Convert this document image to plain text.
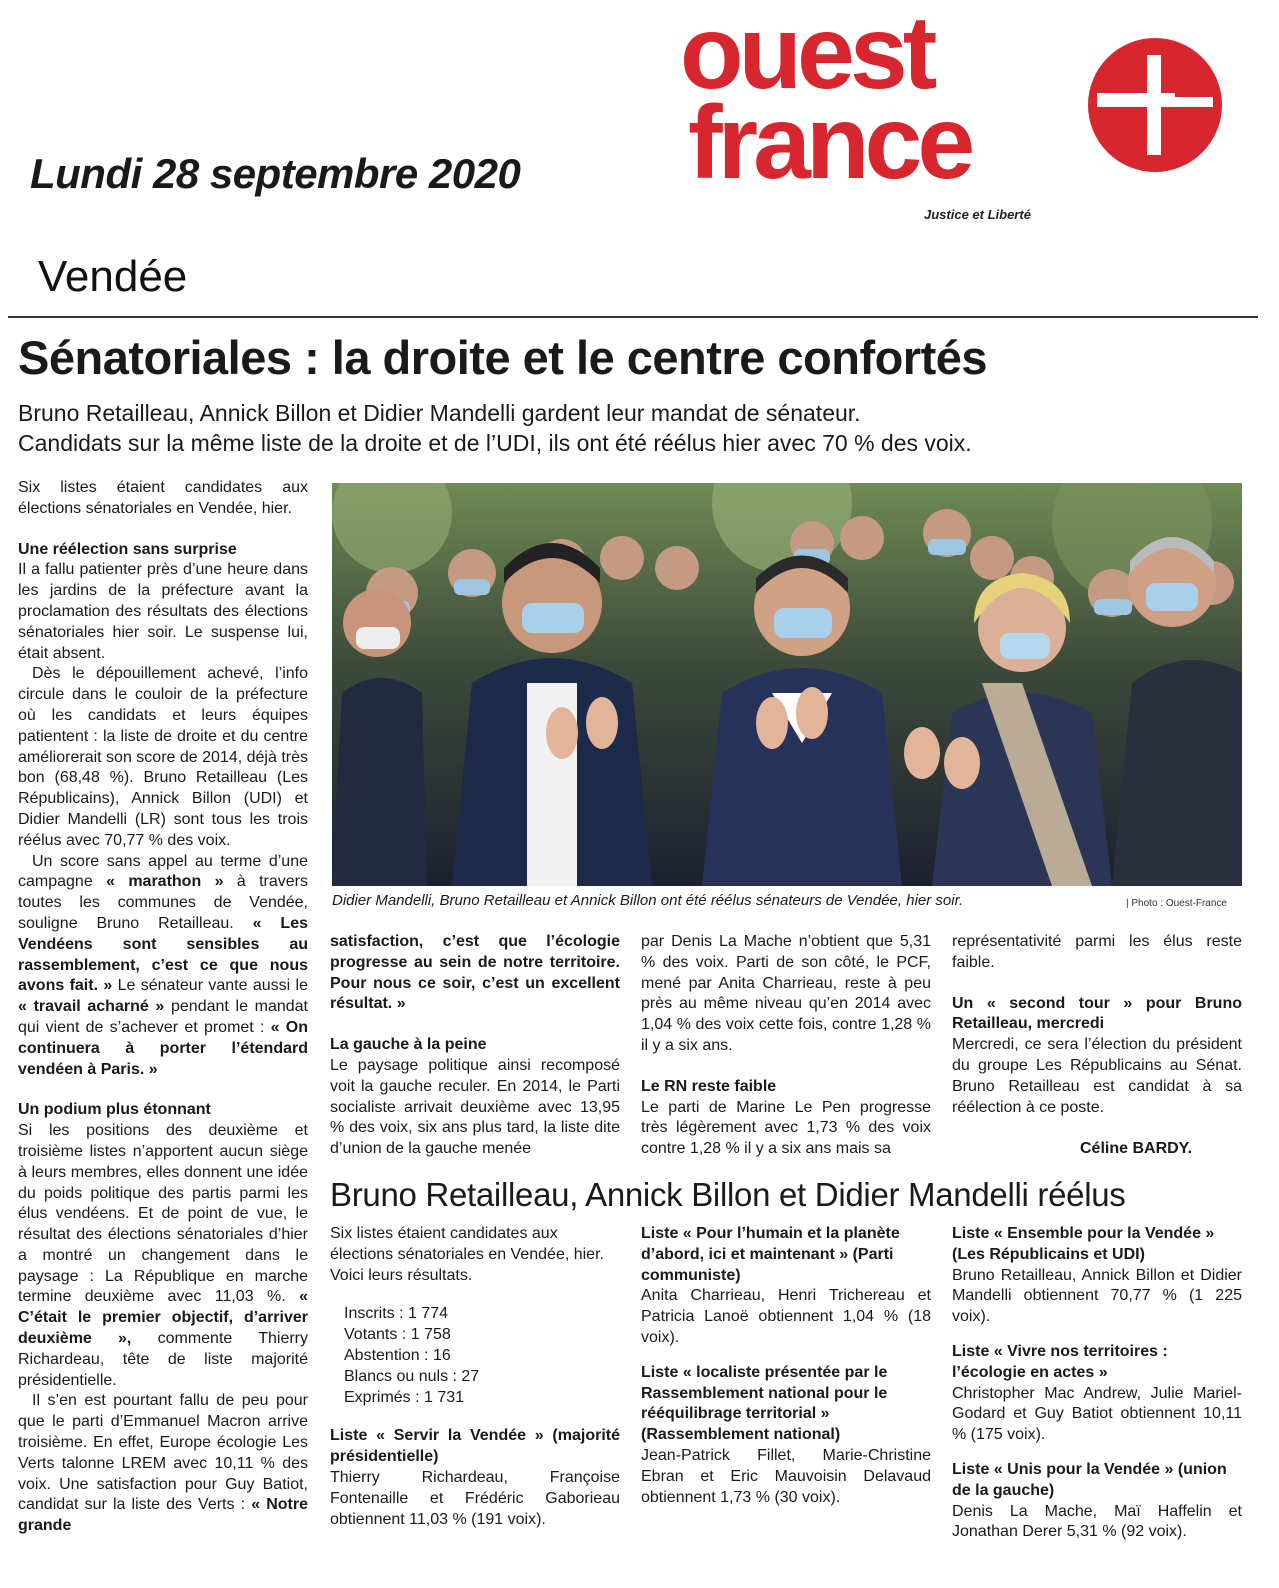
Lundi 28 septembre 2020
ouest
france
Justice et Liberté
Vendée
Sénatoriales : la droite et le centre confortés
Bruno Retailleau, Annick Billon et Didier Mandelli gardent leur mandat de sénateur.
Candidats sur la même liste de la droite et de l’UDI, ils ont été réélus hier avec 70 % des voix.

Six listes étaient candidates aux élections sénatoriales en Vendée, hier.

Une réélection sans surprise

Il a fallu patienter près d’une heure dans les jardins de la préfecture avant la proclamation des résultats des élections sénatoriales hier soir. Le suspense lui, était absent.

Dès le dépouillement achevé, l’info circule dans le couloir de la préfecture où les candidats et leurs équipes patientent : la liste de droite et du centre améliorerait son score de 2014, déjà très bon (68,48 %). Bruno Retailleau (Les Républicains), Annick Billon (UDI) et Didier Mandelli (LR) sont tous les trois réélus avec 70,77 % des voix.

Un score sans appel au terme d’une campagne « marathon » à travers toutes les communes de Vendée, souligne Bruno Retailleau. « Les Vendéens sont sensibles au rassemblement, c’est ce que nous avons fait. » Le sénateur vante aussi le « travail acharné » pendant le mandat qui vient de s’achever et promet : « On continuera à porter l’étendard vendéen à Paris. »

Un podium plus étonnant

Si les positions des deuxième et troisième listes n’apportent aucun siège à leurs membres, elles donnent une idée du poids politique des partis parmi les élus vendéens. Et de point de vue, le résultat des élections sénatoriales d’hier a montré un changement dans le paysage : La République en marche termine deuxième avec 11,03 %. « C’était le premier objectif, d’arriver deuxième », commente Thierry Richardeau, tête de liste majorité présidentielle.

Il s’en est pourtant fallu de peu pour que le parti d’Emmanuel Macron arrive troisième. En effet, Europe écologie Les Verts talonne LREM avec 10,11 % des voix. Une satisfaction pour Guy Batiot, candidat sur la liste des Verts : « Notre grande

Didier Mandelli, Bruno Retailleau et Annick Billon ont été réélus sénateurs de Vendée, hier soir.	| Photo : Ouest-France

satisfaction, c’est que l’écologie progresse au sein de notre territoire. Pour nous ce soir, c’est un excellent résultat. »

La gauche à la peine

Le paysage politique ainsi recomposé voit la gauche reculer. En 2014, le Parti socialiste arrivait deuxième avec 13,95 % des voix, six ans plus tard, la liste dite d’union de la gauche menée

par Denis La Mache n’obtient que 5,31 % des voix. Parti de son côté, le PCF, mené par Anita Charrieau, reste à peu près au même niveau qu’en 2014 avec 1,04 % des voix cette fois, contre 1,28 % il y a six ans.

Le RN reste faible

Le parti de Marine Le Pen progresse très légèrement avec 1,73 % des voix contre 1,28 % il y a six ans mais sa

représentativité parmi les élus reste faible.

Un « second tour » pour Bruno Retailleau, mercredi

Mercredi, ce sera l’élection du président du groupe Les Républicains au Sénat. Bruno Retailleau est candidat à sa réélection à ce poste.

Céline BARDY.
Bruno Retailleau, Annick Billon et Didier Mandelli réélus

Six listes étaient candidates aux élections sénatoriales en Vendée, hier. Voici leurs résultats.

Inscrits : 1 774
Votants : 1 758
Abstention : 16
Blancs ou nuls : 27
Exprimés : 1 731
Liste « Servir la Vendée » (majorité présidentielle)

Thierry Richardeau, Françoise Fontenaille et Frédéric Gaborieau obtiennent 11,03 % (191 voix).

Liste « Pour l’humain et la planète d’abord, ici et maintenant » (Parti communiste)

Anita Charrieau, Henri Trichereau et Patricia Lanoë obtiennent 1,04 % (18 voix).

Liste « localiste présentée par le Rassemblement national pour le rééquilibrage territorial » (Rassemblement national)

Jean-Patrick Fillet, Marie-Christine Ebran et Eric Mauvoisin Delavaud obtiennent 1,73 % (30 voix).

Liste « Ensemble pour la Vendée » (Les Républicains et UDI)

Bruno Retailleau, Annick Billon et Didier Mandelli obtiennent 70,77 % (1 225 voix).

Liste « Vivre nos territoires : l’écologie en actes »

Christopher Mac Andrew, Julie Mariel-Godard et Guy Batiot obtiennent 10,11 % (175 voix).

Liste « Unis pour la Vendée » (union de la gauche)

Denis La Mache, Maï Haffelin et Jonathan Derer 5,31 % (92 voix).
